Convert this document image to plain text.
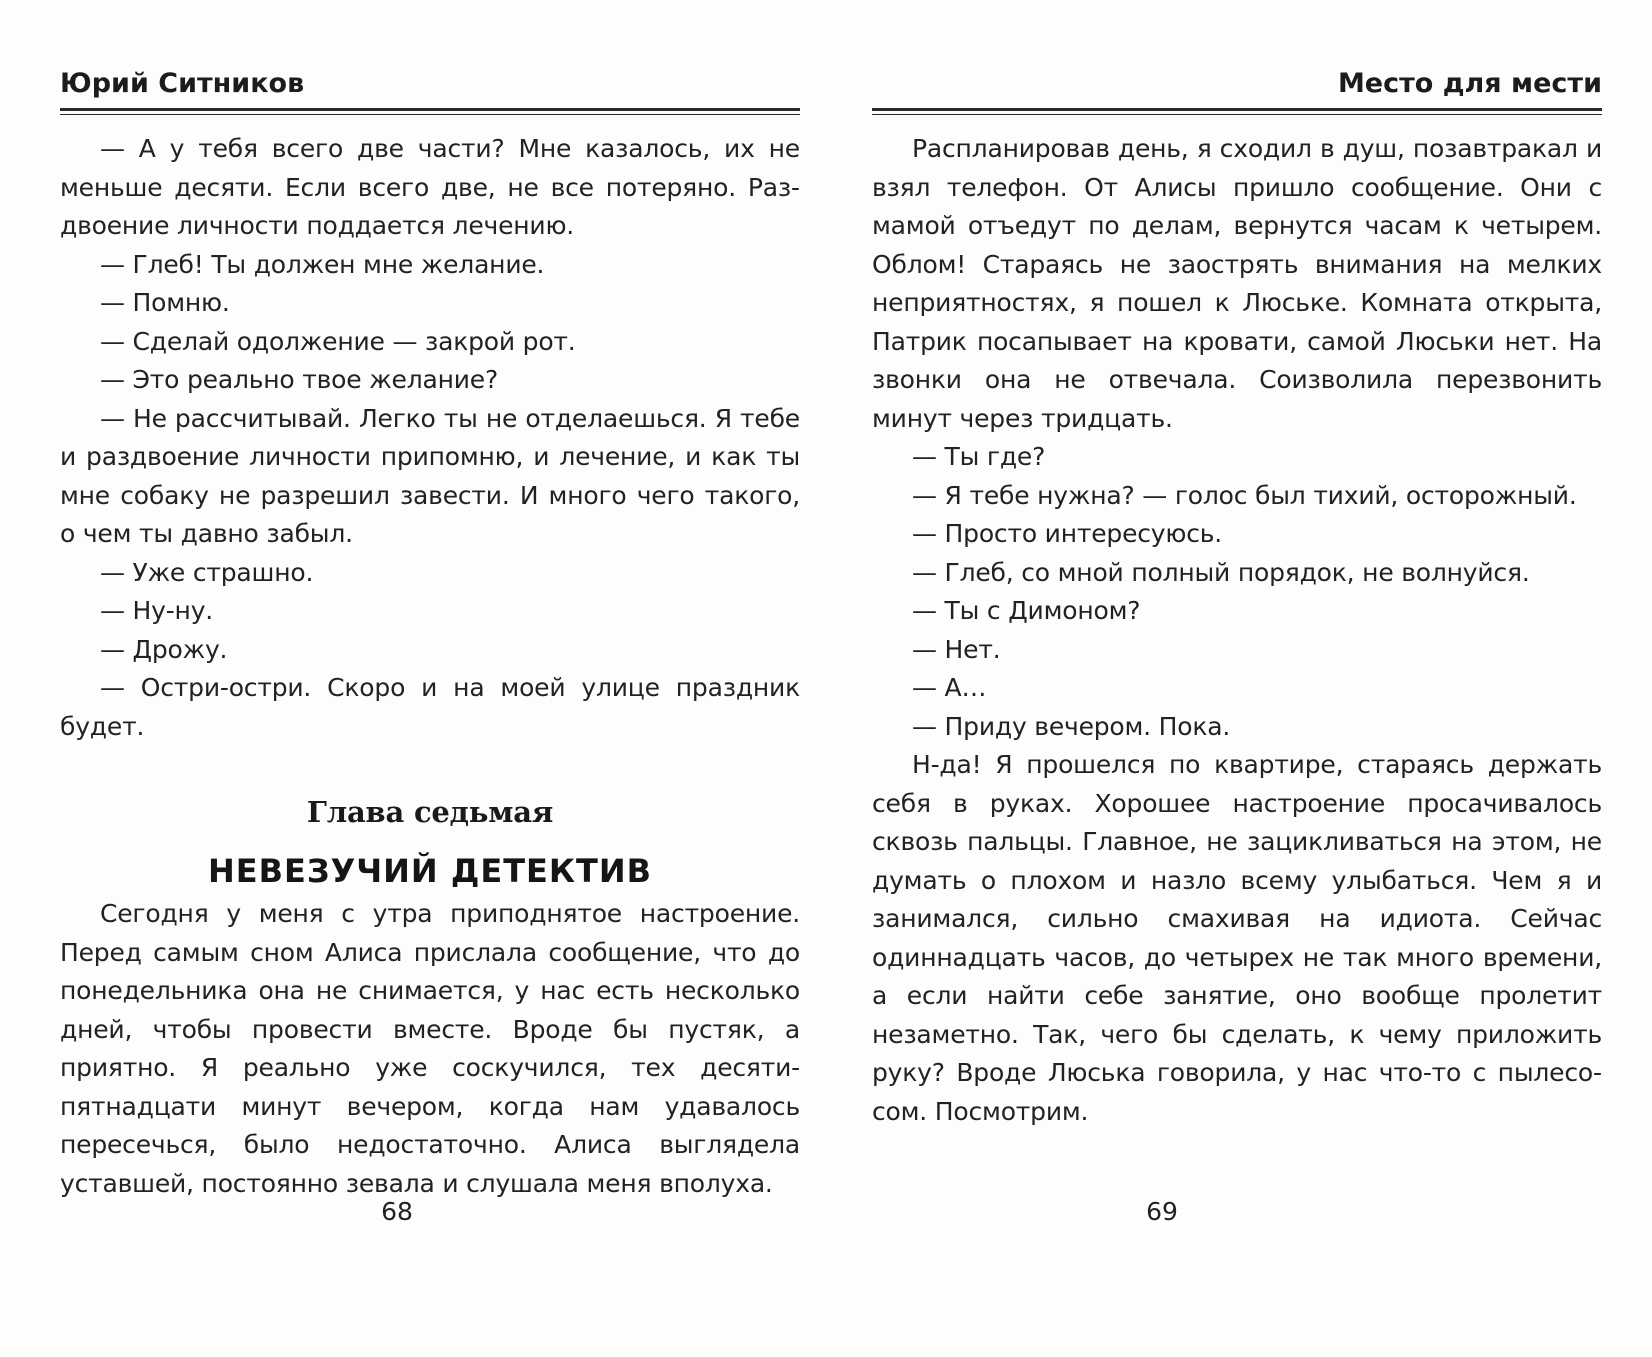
Юрий Ситников

— А у тебя всего две части? Мне казалось, их не меньше десяти. Если всего две, не все потеряно. Раздвоение личности поддается лечению.

— Глеб! Ты должен мне желание.

— Помню.

— Сделай одолжение — закрой рот.

— Это реально твое желание?

— Не рассчитывай. Легко ты не отделаешься. Я тебе и раздвоение личности припомню, и лечение, и как ты мне собаку не разрешил завести. И много чего такого, о чем ты давно забыл.

— Уже страшно.

— Ну-ну.

— Дрожу.

— Остри-остри. Скоро и на моей улице праздник будет.

Глава седьмая
НЕВЕЗУЧИЙ ДЕТЕКТИВ

Сегодня у меня с утра приподнятое настроение. Перед самым сном Алиса прислала сообщение, что до понедельника она не снимается, у нас есть несколько дней, чтобы провести вместе. Вроде бы пустяк, а приятно. Я реально уже соскучился, тех десяти-пятнадцати минут вечером, когда нам удавалось пересечься, было недостаточно. Алиса выглядела уставшей, постоянно зевала и слушала меня вполуха.

68
Место для мести

Распланировав день, я сходил в душ, позавтракал и взял телефон. От Алисы пришло сообщение. Они с мамой отъедут по делам, вернутся часам к четырем. Облом! Стараясь не заострять внимания на мелких неприятностях, я пошел к Люське. Комната открыта, Патрик посапывает на кровати, самой Люськи нет. На звонки она не отвечала. Соизволила перезвонить минут через тридцать.

— Ты где?

— Я тебе нужна? — голос был тихий, осторожный.

— Просто интересуюсь.

— Глеб, со мной полный порядок, не волнуйся.

— Ты с Димоном?

— Нет.

— А…

— Приду вечером. Пока.

Н-да! Я прошелся по квартире, стараясь держать себя в руках. Хорошее настроение просачивалось сквозь пальцы. Главное, не зацикливаться на этом, не думать о плохом и назло всему улыбаться. Чем я и занимался, сильно смахивая на идиота. Сейчас одиннадцать часов, до четырех не так много времени, а если найти себе занятие, оно вообще пролетит незаметно. Так, чего бы сделать, к чему приложить руку? Вроде Люська говорила, у нас что-то с пылесосом. Посмотрим.

69
